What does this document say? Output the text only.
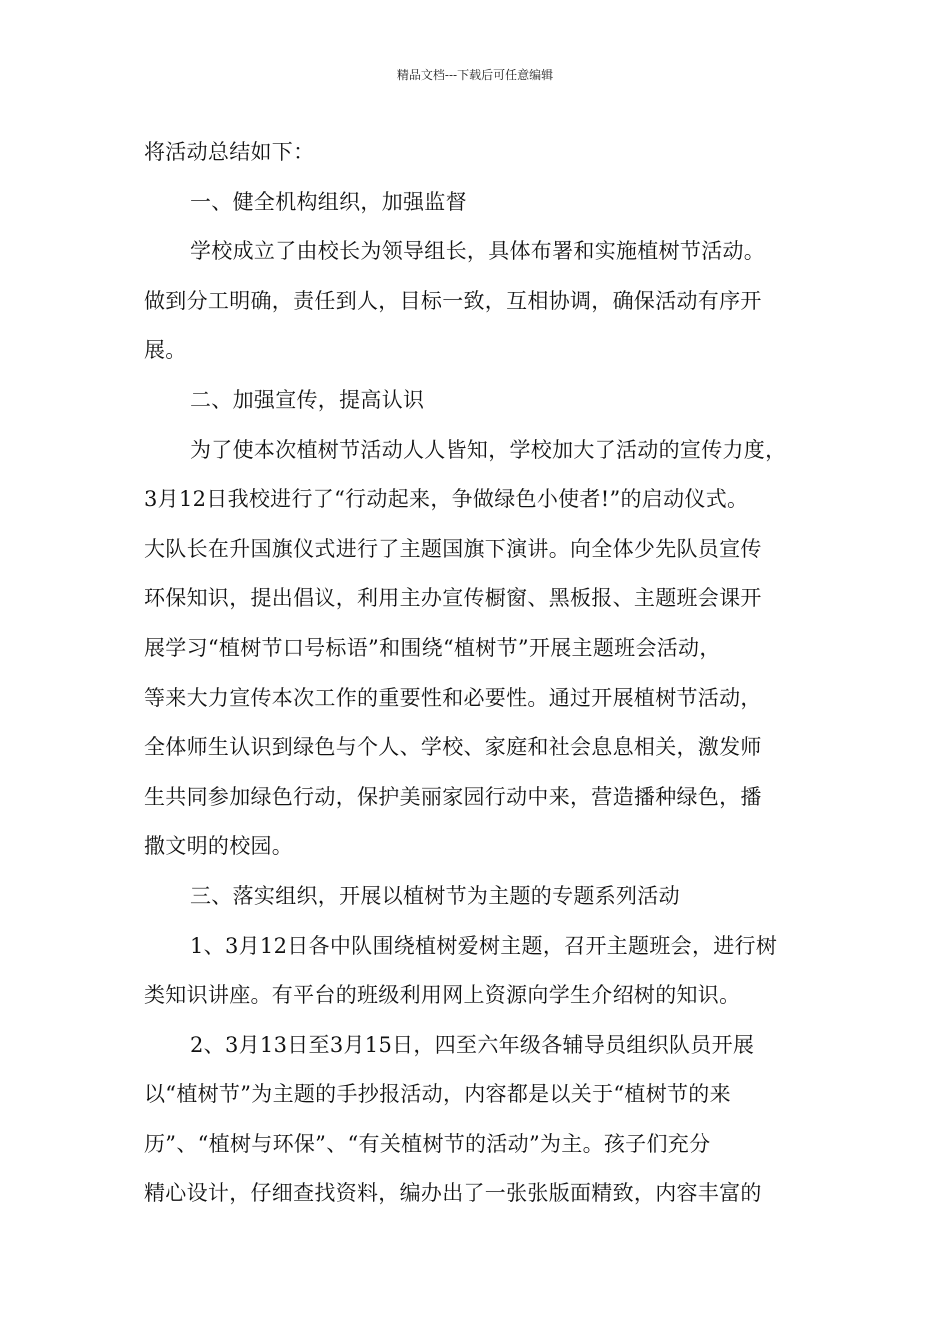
精品文档---下载后可任意编辑
将活动总结如下：
一、健全机构组织，加强监督
学校成立了由校长为领导组长，具体布署和实施植树节活动。
做到分工明确，责任到人，目标一致，互相协调，确保活动有序开
展。
二、加强宣传，提高认识
为了使本次植树节活动人人皆知，学校加大了活动的宣传力度，
3月12日我校进行了“行动起来，争做绿色小使者!”的启动仪式。
大队长在升国旗仪式进行了主题国旗下演讲。向全体少先队员宣传
环保知识，提出倡议，利用主办宣传橱窗、黑板报、主题班会课开
展学习“植树节口号标语”和围绕“植树节”开展主题班会活动，
等来大力宣传本次工作的重要性和必要性。通过开展植树节活动，
全体师生认识到绿色与个人、学校、家庭和社会息息相关，激发师
生共同参加绿色行动，保护美丽家园行动中来，营造播种绿色，播
撒文明的校园。
三、落实组织，开展以植树节为主题的专题系列活动
1、3月12日各中队围绕植树爱树主题，召开主题班会，进行树
类知识讲座。有平台的班级利用网上资源向学生介绍树的知识。
2、3月13日至3月15日，四至六年级各辅导员组织队员开展
以“植树节”为主题的手抄报活动，内容都是以关于“植树节的来
历”、“植树与环保”、“有关植树节的活动”为主。孩子们充分
精心设计，仔细查找资料，编办出了一张张版面精致，内容丰富的
